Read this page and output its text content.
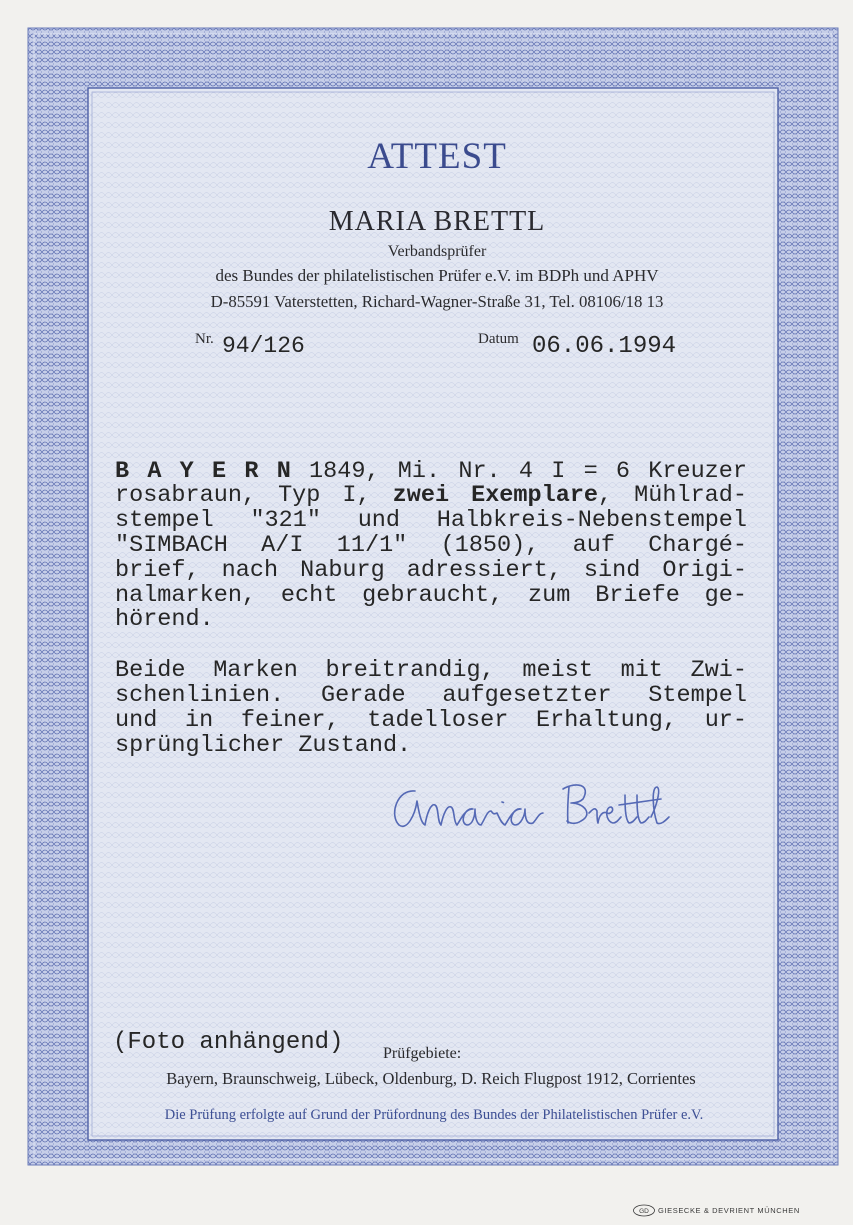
ATTEST
MARIA BRETTL
Verbandsprüfer
des Bundes der philatelistischen Prüfer e.V. im BDPh und APHV
D-85591 Vaterstetten, Richard-Wagner-Straße 31, Tel. 08106/18 13
Nr. 94/126	Datum 06.06.1994
B A Y E R N 1849, Mi. Nr. 4 I = 6 Kreuzer
rosabraun, Typ I, zwei Exemplare, Mühlrad-
stempel "321" und Halbkreis-Nebenstempel
"SIMBACH A/I 11/1" (1850), auf Chargé-
brief, nach Naburg adressiert, sind Origi-
nalmarken, echt gebraucht, zum Briefe ge-
hörend.
Beide Marken breitrandig, meist mit Zwi-
schenlinien. Gerade aufgesetzter Stempel
und in feiner, tadelloser Erhaltung, ur-
sprünglicher Zustand.
(Foto anhängend) Prüfgebiete:
Bayern, Braunschweig, Lübeck, Oldenburg, D. Reich Flugpost 1912, Corrientes
Die Prüfung erfolgte auf Grund der Prüfordnung des Bundes der Philatelistischen Prüfer e.V.
GD GIESECKE & DEVRIENT MÜNCHEN
